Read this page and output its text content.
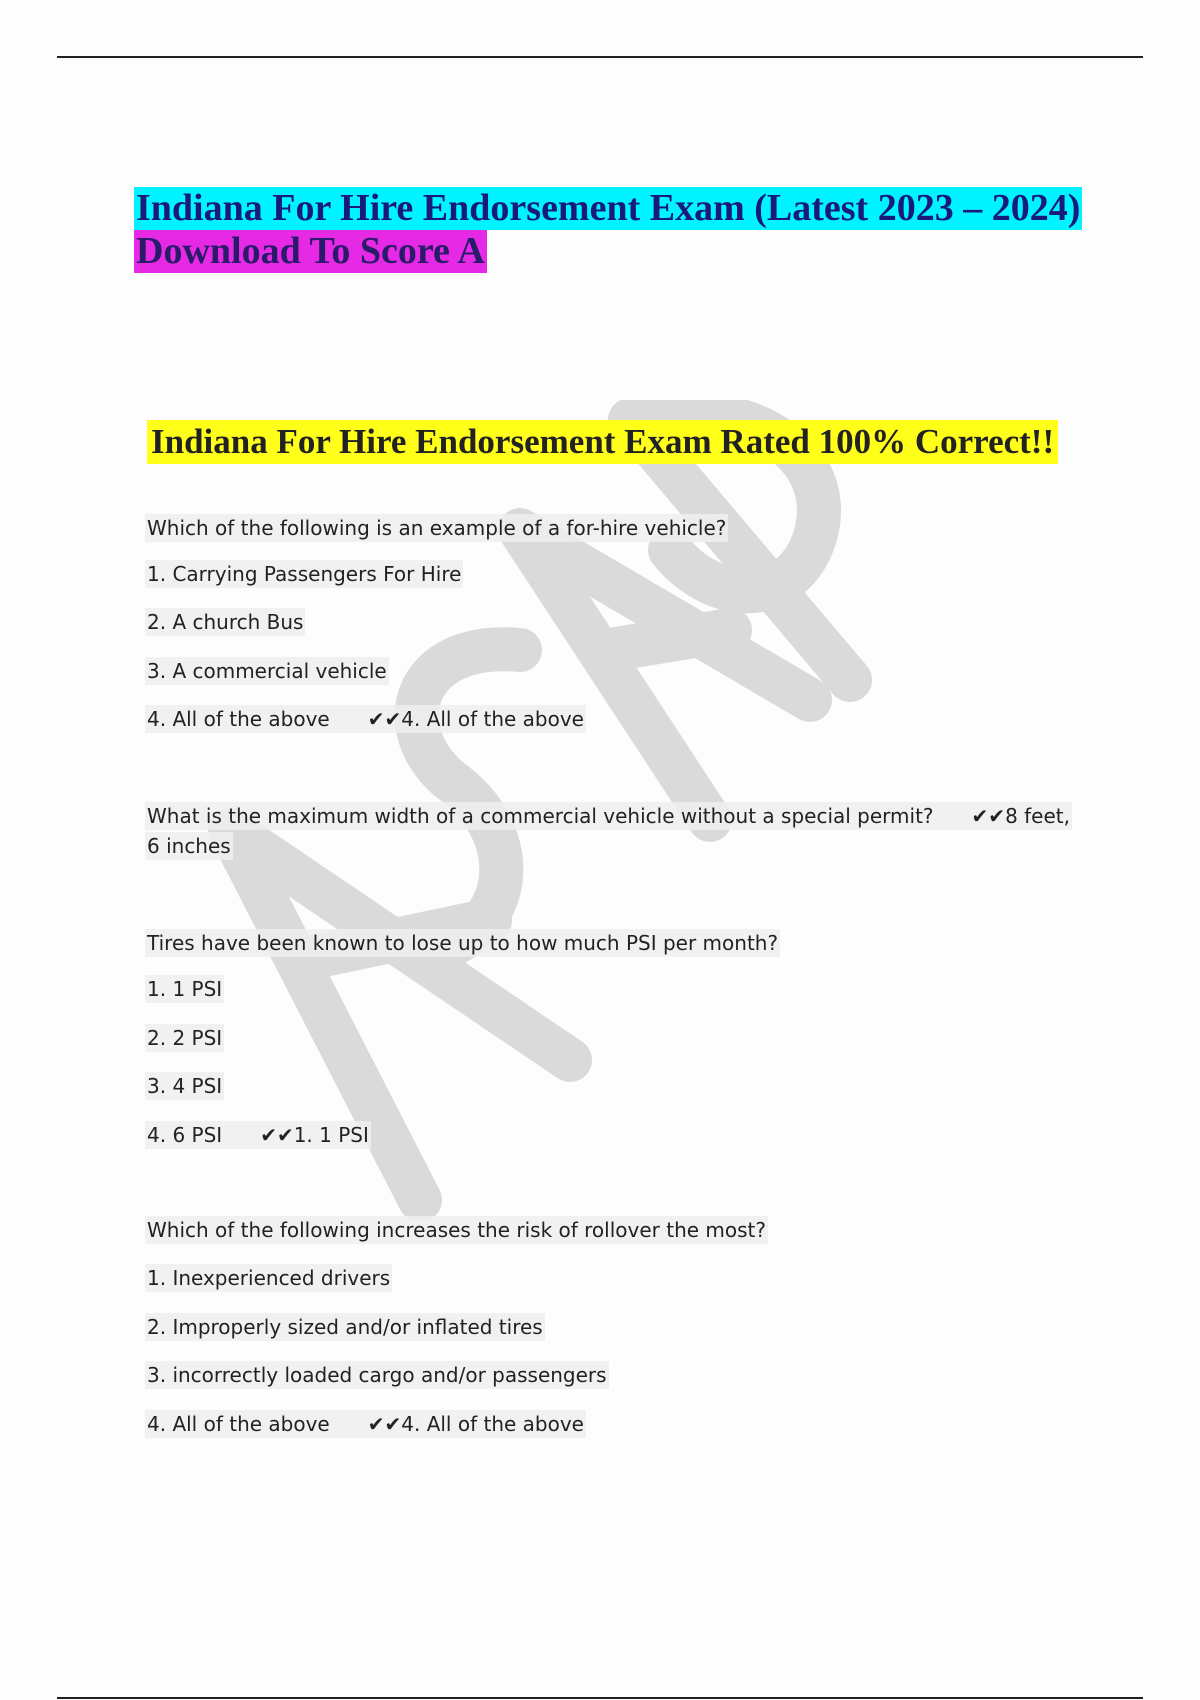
Indiana For Hire Endorsement Exam (Latest 2023 – 2024)
Download To Score A
Indiana For Hire Endorsement Exam Rated 100% Correct!!
Which of the following is an example of a for-hire vehicle?
1. Carrying Passengers For Hire
2. A church Bus
3. A commercial vehicle
4. All of the above ✔✔4. All of the above
What is the maximum width of a commercial vehicle without a special permit? ✔✔8 feet,
6 inches
Tires have been known to lose up to how much PSI per month?
1. 1 PSI
2. 2 PSI
3. 4 PSI
4. 6 PSI ✔✔1. 1 PSI
Which of the following increases the risk of rollover the most?
1. Inexperienced drivers
2. Improperly sized and/or inflated tires
3. incorrectly loaded cargo and/or passengers
4. All of the above ✔✔4. All of the above
